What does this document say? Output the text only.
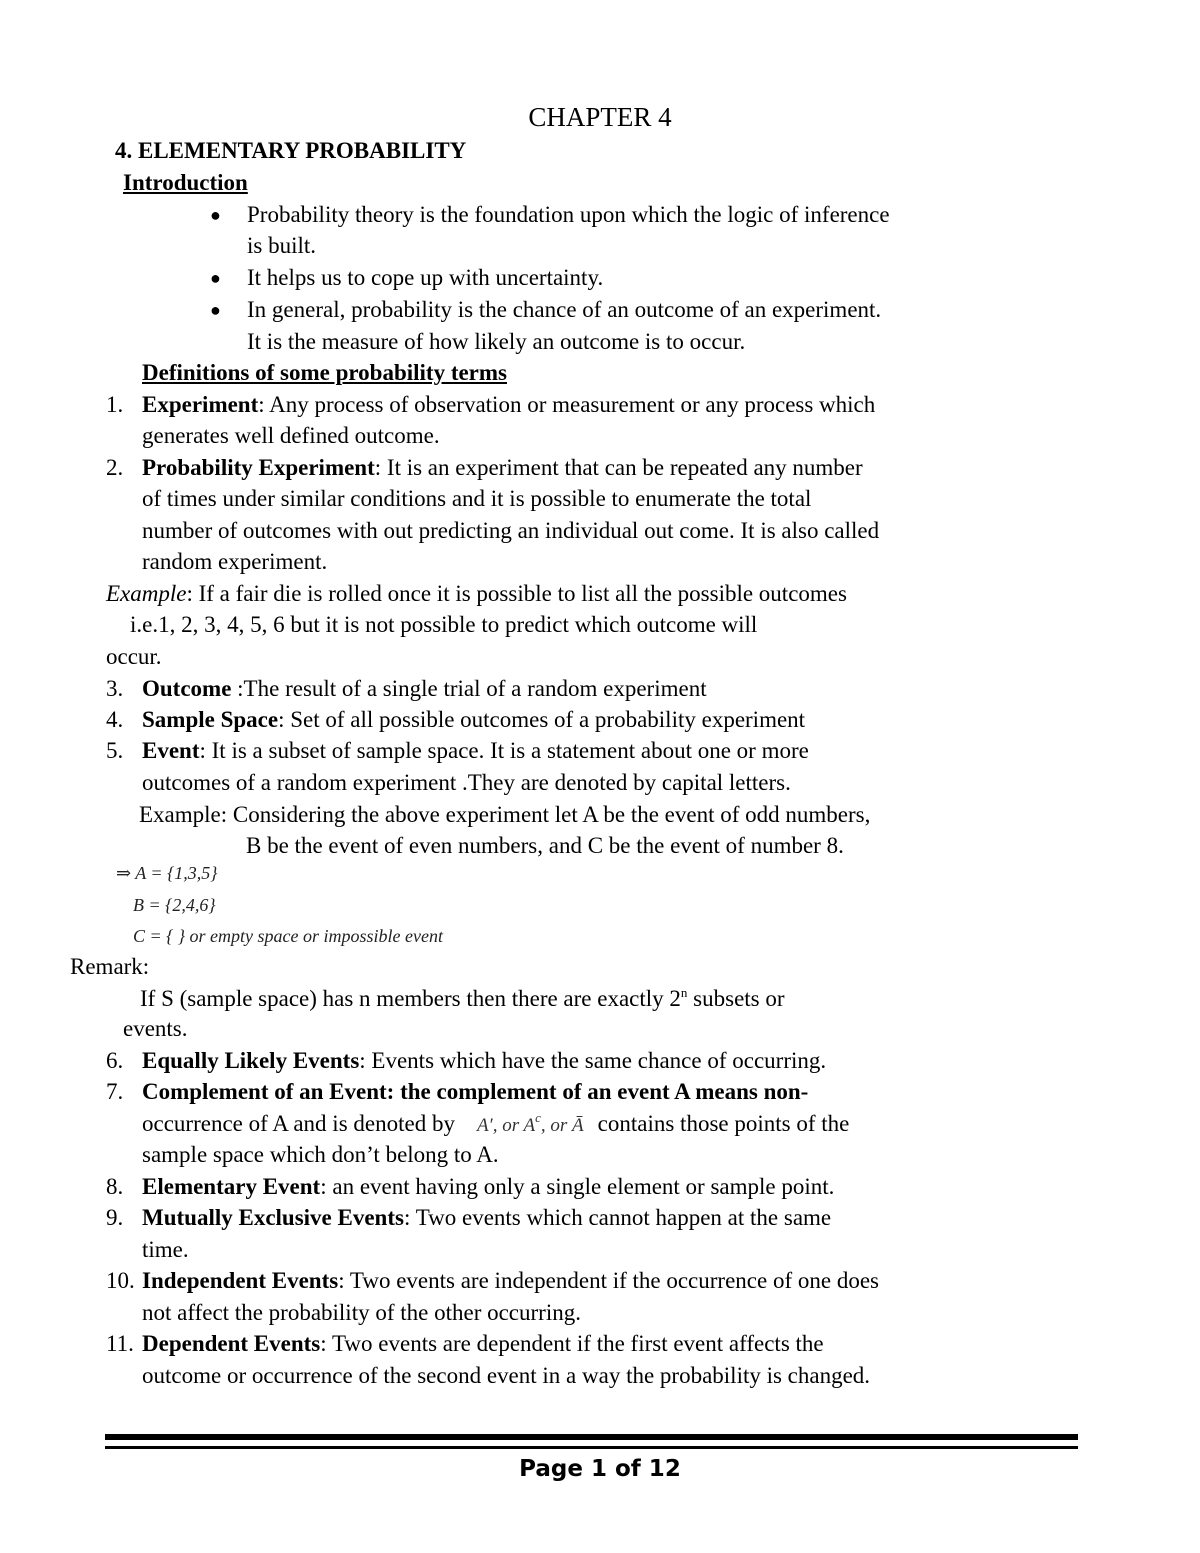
CHAPTER 4
4. ELEMENTARY PROBABILITY
Introduction
● Probability theory is the foundation upon which the logic of inference
is built.
● It helps us to cope up with uncertainty.
● In general, probability is the chance of an outcome of an experiment.
It is the measure of how likely an outcome is to occur.
Definitions of some probability terms
1. Experiment: Any process of observation or measurement or any process which
generates well defined outcome.
2. Probability Experiment: It is an experiment that can be repeated any number
of times under similar conditions and it is possible to enumerate the total
number of outcomes with out predicting an individual out come. It is also called
random experiment.
Example: If a fair die is rolled once it is possible to list all the possible outcomes
i.e.1, 2, 3, 4, 5, 6 but it is not possible to predict which outcome will
occur.
3. Outcome :The result of a single trial of a random experiment
4. Sample Space: Set of all possible outcomes of a probability experiment
5. Event: It is a subset of sample space. It is a statement about one or more
outcomes of a random experiment .They are denoted by capital letters.
Example: Considering the above experiment let A be the event of odd numbers,
B be the event of even numbers, and C be the event of number 8.
⇒ A = {1,3,5}
B = {2,4,6}
C = { } or empty space or impossible event
Remark:
If S (sample space) has n members then there are exactly 2$^n$ subsets or
events.
6. Equally Likely Events: Events which have the same chance of occurring.
7. Complement of an Event: the complement of an event A means non-
occurrence of A and is denoted by A′, or $A^c$, or Ā contains those points of the
sample space which don’t belong to A.
8. Elementary Event: an event having only a single element or sample point.
9. Mutually Exclusive Events: Two events which cannot happen at the same
time.
10. Independent Events: Two events are independent if the occurrence of one does
not affect the probability of the other occurring.
11. Dependent Events: Two events are dependent if the first event affects the
outcome or occurrence of the second event in a way the probability is changed.
Page 1 of 12
